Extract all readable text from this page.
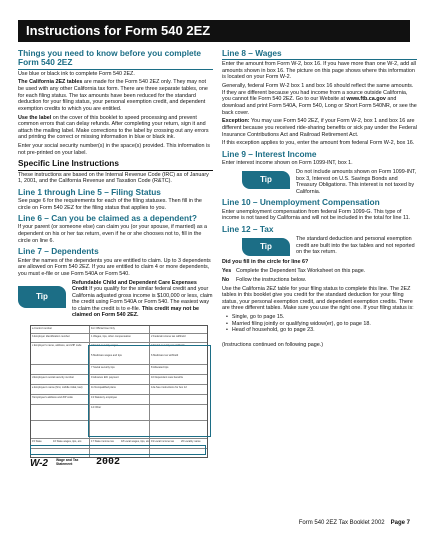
Instructions for Form 540 2EZ
Things you need to know before you complete Form 540 2EZ

Use blue or black ink to complete Form 540 2EZ.

The California 2EZ tables are made for the Form 540 2EZ only. They may not be used with any other California tax form. There are three separate tables, one for each filing status. The tax amounts have been reduced for the standard deduction for your filing status, your personal exemption credit, and dependent exemption credits to which you are entitled.

Use the label on the cover of this booklet to speed processing and prevent common errors that can delay refunds. After completing your return, sign it and attach the mailing label. Make corrections to the label by crossing out any errors and printing the correct or missing information in blue or black ink.

Enter your social security number(s) in the space(s) provided. This information is not pre-printed on your label.

Specific Line Instructions

These instructions are based on the Internal Revenue Code (IRC) as of January 1, 2001, and the California Revenue and Taxation Code (R&TC).

Line 1 through Line 5 – Filing Status

See page 6 for the requirements for each of the filing statuses. Then fill in the circle on Form 540 2EZ for the filing status that applies to you.

Line 6 – Can you be claimed as a dependent?

If your parent (or someone else) can claim you (or your spouse, if married) as a dependent on his or her tax return, even if he or she chooses not to, fill in the circle on line 6.

Line 7 – Dependents

Enter the names of the dependents you are entitled to claim. Up to 3 dependents are allowed on Form 540 2EZ. If you are entitled to claim 4 or more dependents, you must e-file or use Form 540A or Form 540.

Tip
Refundable Child and Dependent Care Expenses Credit If you qualify for the similar federal credit and your California adjusted gross income is $100,000 or less, claim the credit using Form 540A or Form 540. The easiest way to claim the credit is to e-file. This credit may not be claimed on Form 540 2EZ.
a Control number	For Official Use Only
b Employer identification number	1 Wages, tips, other compensation	2 Federal income tax withheld
c Employer's name, address, and ZIP code	3 Social security wages	4 Social security tax withheld
5 Medicare wages and tips	6 Medicare tax withheld
7 Social security tips	8 Allocated tips
d Employee's social security number	9 Advance EIC payment	10 Dependent care benefits
e Employee's name (first, middle initial, last)	11 Nonqualified plans	12a See instructions for box 12
f Employee's address and ZIP code	13 Statutory employee
14 Other
15 State	16 State wages, tips, etc.	17 State income tax	18 Local wages, tips, etc. 19 Local income tax	20 Locality name
W-2 Wage and Tax
Statement	2002
Line 8 – Wages

Enter the amount from Form W-2, box 16. If you have more than one W-2, add all amounts shown in box 16. The picture on this page shows where this information is located on your Form W-2.

Generally, federal Form W-2 box 1 and box 16 should reflect the same amounts. If they are different because you had income from a source outside California, you cannot file Form 540 2EZ. Go to our Website at www.ftb.ca.gov and download and print Form 540A, Form 540, Long or Short Form 540NR, or see the back cover.

Exception: You may use Form 540 2EZ, if your Form W-2, box 1 and box 16 are different because you received ride-sharing benefits or sick pay under the Federal Insurance Contributions Act and Railroad Retirement Act.

If this exception applies to you, enter the amount from federal Form W-2, box 16.

Line 9 – Interest Income

Enter interest income shown on Form 1099-INT, box 1.

Tip
Do not include amounts shown on Form 1099-INT, box 3, Interest on U.S. Savings Bonds and Treasury Obligations. This interest is not taxed by California.
Line 10 – Unemployment Compensation

Enter unemployment compensation from federal Form 1099-G. This type of income is not taxed by California and will not be included in the total for line 11.

Line 12 – Tax
Tip
The standard deduction and personal exemption credit are built into the tax tables and not reported on the tax return.

Did you fill in the circle for line 6?

Yes Complete the Dependent Tax Worksheet on this page.

No Follow the instructions below.

Use the California 2EZ table for your filing status to complete this line. The 2EZ tables in this booklet give you credit for the standard deduction for your filing status, your personal exemption credit, and dependent exemption credits. There are three different tables. Make sure you use the right one. If your filing status is:

• Single, go to page 15.
• Married filing jointly or qualifying widow(er), go to page 18.
• Head of household, go to page 23.

(Instructions continued on following page.)

Form 540 2EZ Tax Booklet 2002 Page 7
